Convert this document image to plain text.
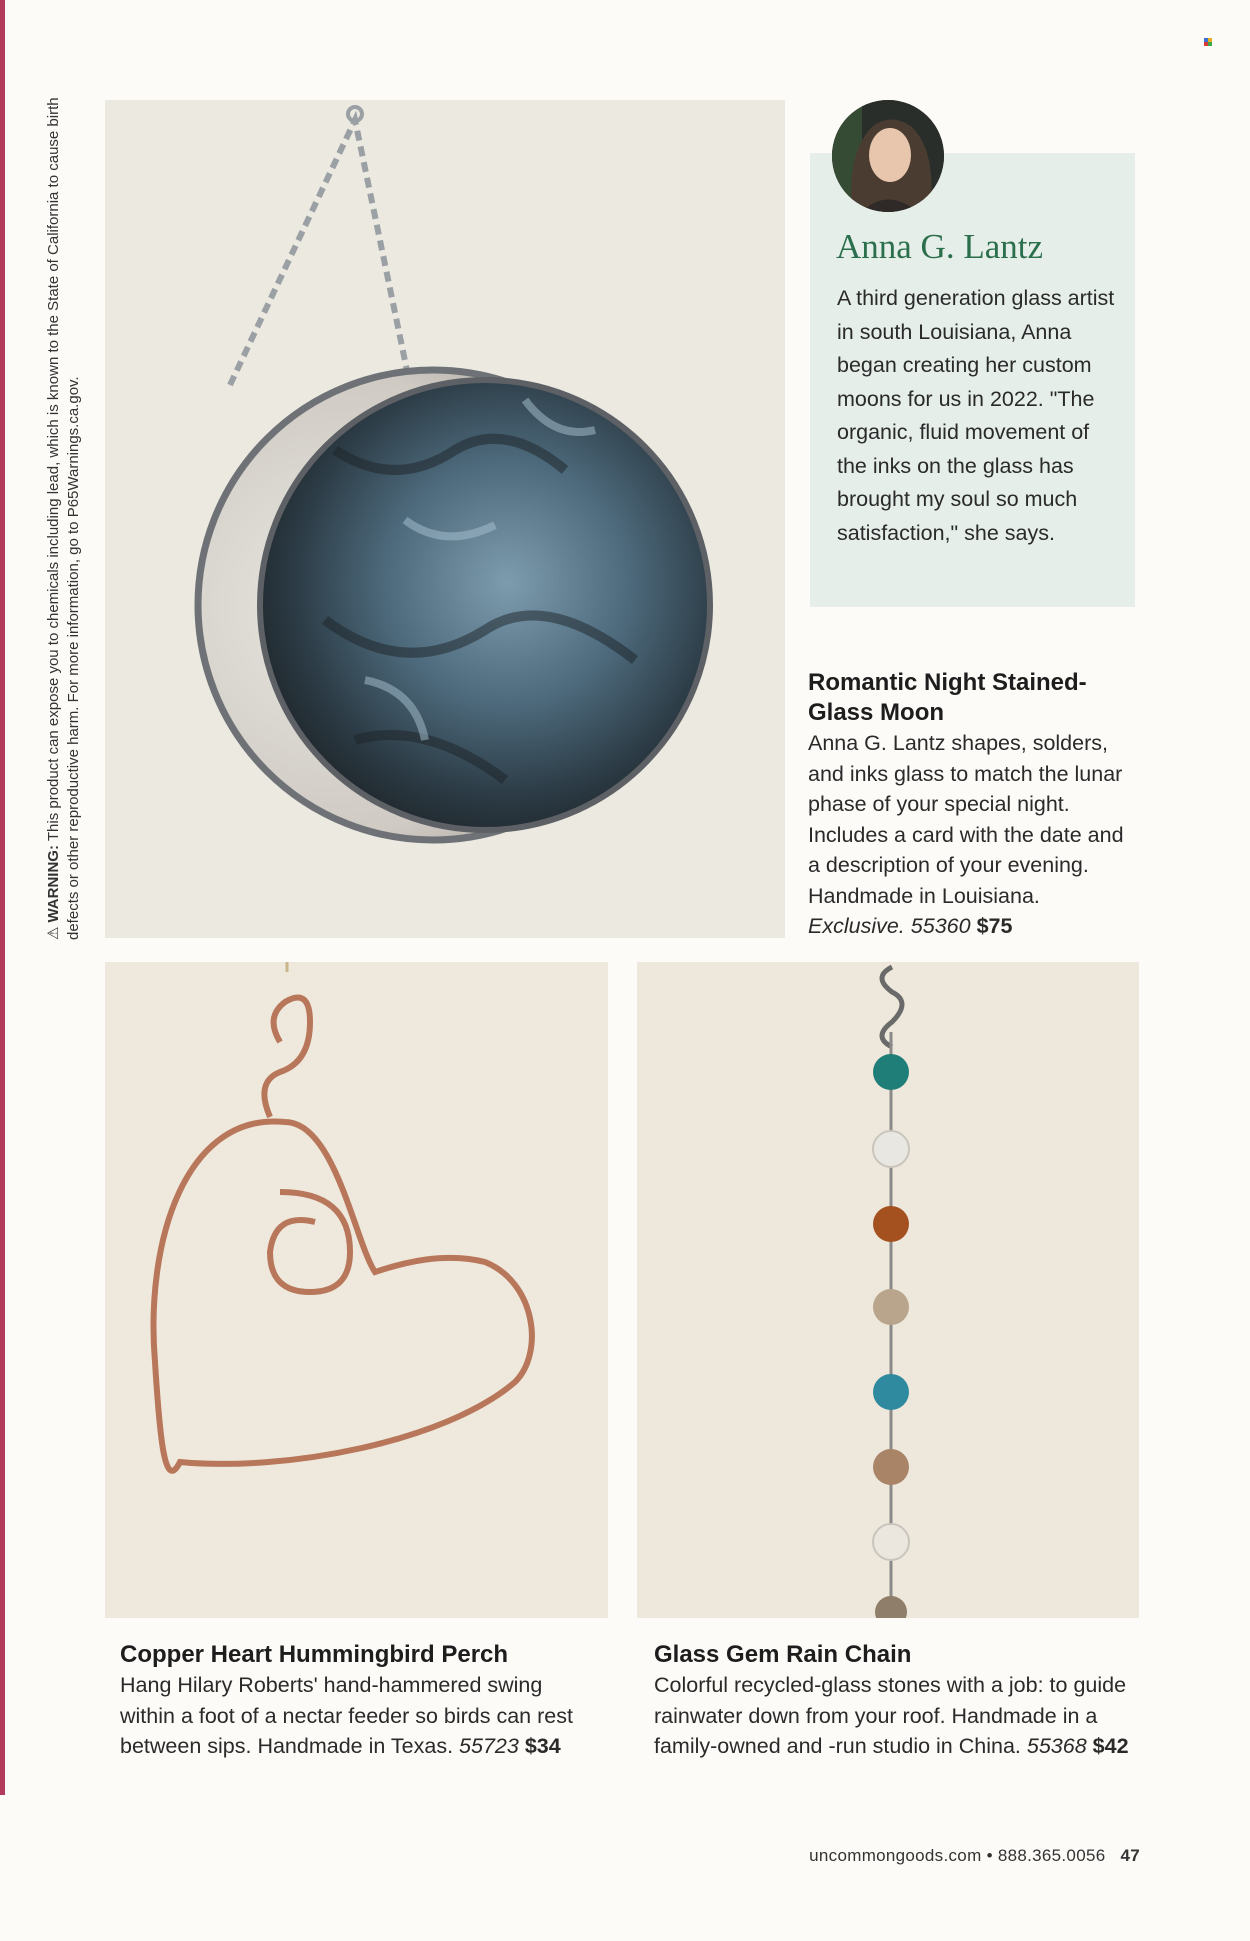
⚠WARNING: This product can expose you to chemicals including lead, which is known to the State of California to cause birth defects or other reproductive harm. For more information, go to P65Warnings.ca.gov.
Anna G. Lantz
A third generation glass artist in south Louisiana, Anna began creating her custom moons for us in 2022. "The organic, fluid movement of the inks on the glass has brought my soul so much satisfaction," she says.
Romantic Night Stained-Glass Moon
Anna G. Lantz shapes, solders, and inks glass to match the lunar phase of your special night. Includes a card with the date and a description of your evening. Handmade in Louisiana. Exclusive. 55360 $75
Copper Heart Hummingbird Perch
Hang Hilary Roberts' hand-hammered swing within a foot of a nectar feeder so birds can rest between sips. Handmade in Texas. 55723 $34
Glass Gem Rain Chain
Colorful recycled-glass stones with a job: to guide rainwater down from your roof. Handmade in a family-owned and -run studio in China. 55368 $42
uncommongoods.com • 888.365.0056 47
